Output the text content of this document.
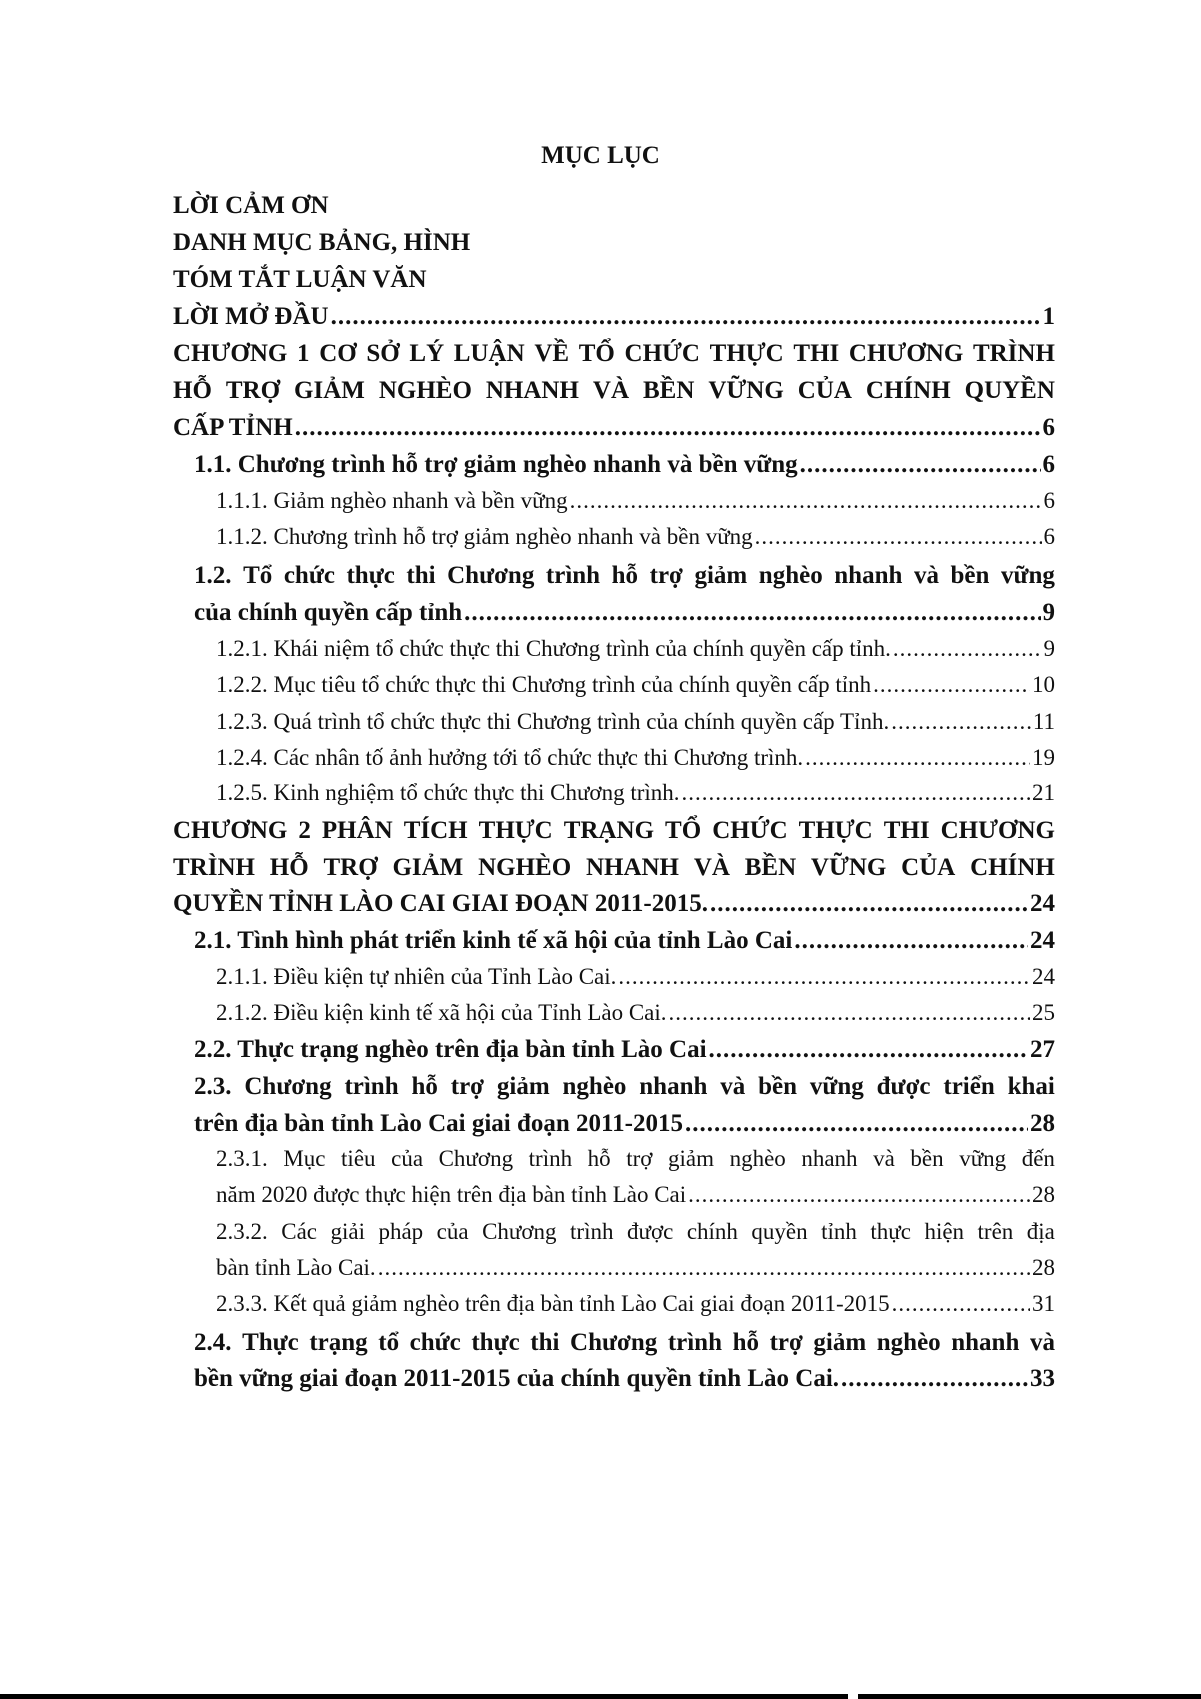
MỤC LỤC
LỜI CẢM ƠN
DANH MỤC BẢNG, HÌNH
TÓM TẮT LUẬN VĂN
LỜI MỞ ĐẦU .....	1
CHƯƠNG 1 CƠ SỞ LÝ LUẬN VỀ TỔ CHỨC THỰC THI CHƯƠNG TRÌNH
HỖ TRỢ GIẢM NGHÈO NHANH VÀ BỀN VỮNG CỦA CHÍNH QUYỀN
CẤP TỈNH .....	6
1.1. Chương trình hỗ trợ giảm nghèo nhanh và bền vững .....	6
1.1.1. Giảm nghèo nhanh và bền vững .....	6
1.1.2. Chương trình hỗ trợ giảm nghèo nhanh và bền vững .....	6
1.2. Tổ chức thực thi Chương trình hỗ trợ giảm nghèo nhanh và bền vững
của chính quyền cấp tỉnh .....	9
1.2.1. Khái niệm tổ chức thực thi Chương trình của chính quyền cấp tỉnh. .....	9
1.2.2. Mục tiêu tổ chức thực thi Chương trình của chính quyền cấp tỉnh .....	10
1.2.3. Quá trình tổ chức thực thi Chương trình của chính quyền cấp Tỉnh. .....	11
1.2.4. Các nhân tố ảnh hưởng tới tổ chức thực thi Chương trình. .....	19
1.2.5. Kinh nghiệm tổ chức thực thi Chương trình. .....	21
CHƯƠNG 2 PHÂN TÍCH THỰC TRẠNG TỔ CHỨC THỰC THI CHƯƠNG
TRÌNH HỖ TRỢ GIẢM NGHÈO NHANH VÀ BỀN VỮNG CỦA CHÍNH
QUYỀN TỈNH LÀO CAI GIAI ĐOẠN 2011-2015. .....	24
2.1. Tình hình phát triển kinh tế xã hội của tỉnh Lào Cai .....	24
2.1.1. Điều kiện tự nhiên của Tỉnh Lào Cai. .....	24
2.1.2. Điều kiện kinh tế xã hội của Tỉnh Lào Cai. .....	25
2.2. Thực trạng nghèo trên địa bàn tỉnh Lào Cai .....	27
2.3. Chương trình hỗ trợ giảm nghèo nhanh và bền vững được triển khai
trên địa bàn tỉnh Lào Cai giai đoạn 2011-2015 .....	28
2.3.1. Mục tiêu của Chương trình hỗ trợ giảm nghèo nhanh và bền vững đến
năm 2020 được thực hiện trên địa bàn tỉnh Lào Cai .....	28
2.3.2. Các giải pháp của Chương trình được chính quyền tỉnh thực hiện trên địa
bàn tỉnh Lào Cai. .....	28
2.3.3. Kết quả giảm nghèo trên địa bàn tỉnh Lào Cai giai đoạn 2011-2015 .....	31
2.4. Thực trạng tổ chức thực thi Chương trình hỗ trợ giảm nghèo nhanh và
bền vững giai đoạn 2011-2015 của chính quyền tỉnh Lào Cai. .....	33
